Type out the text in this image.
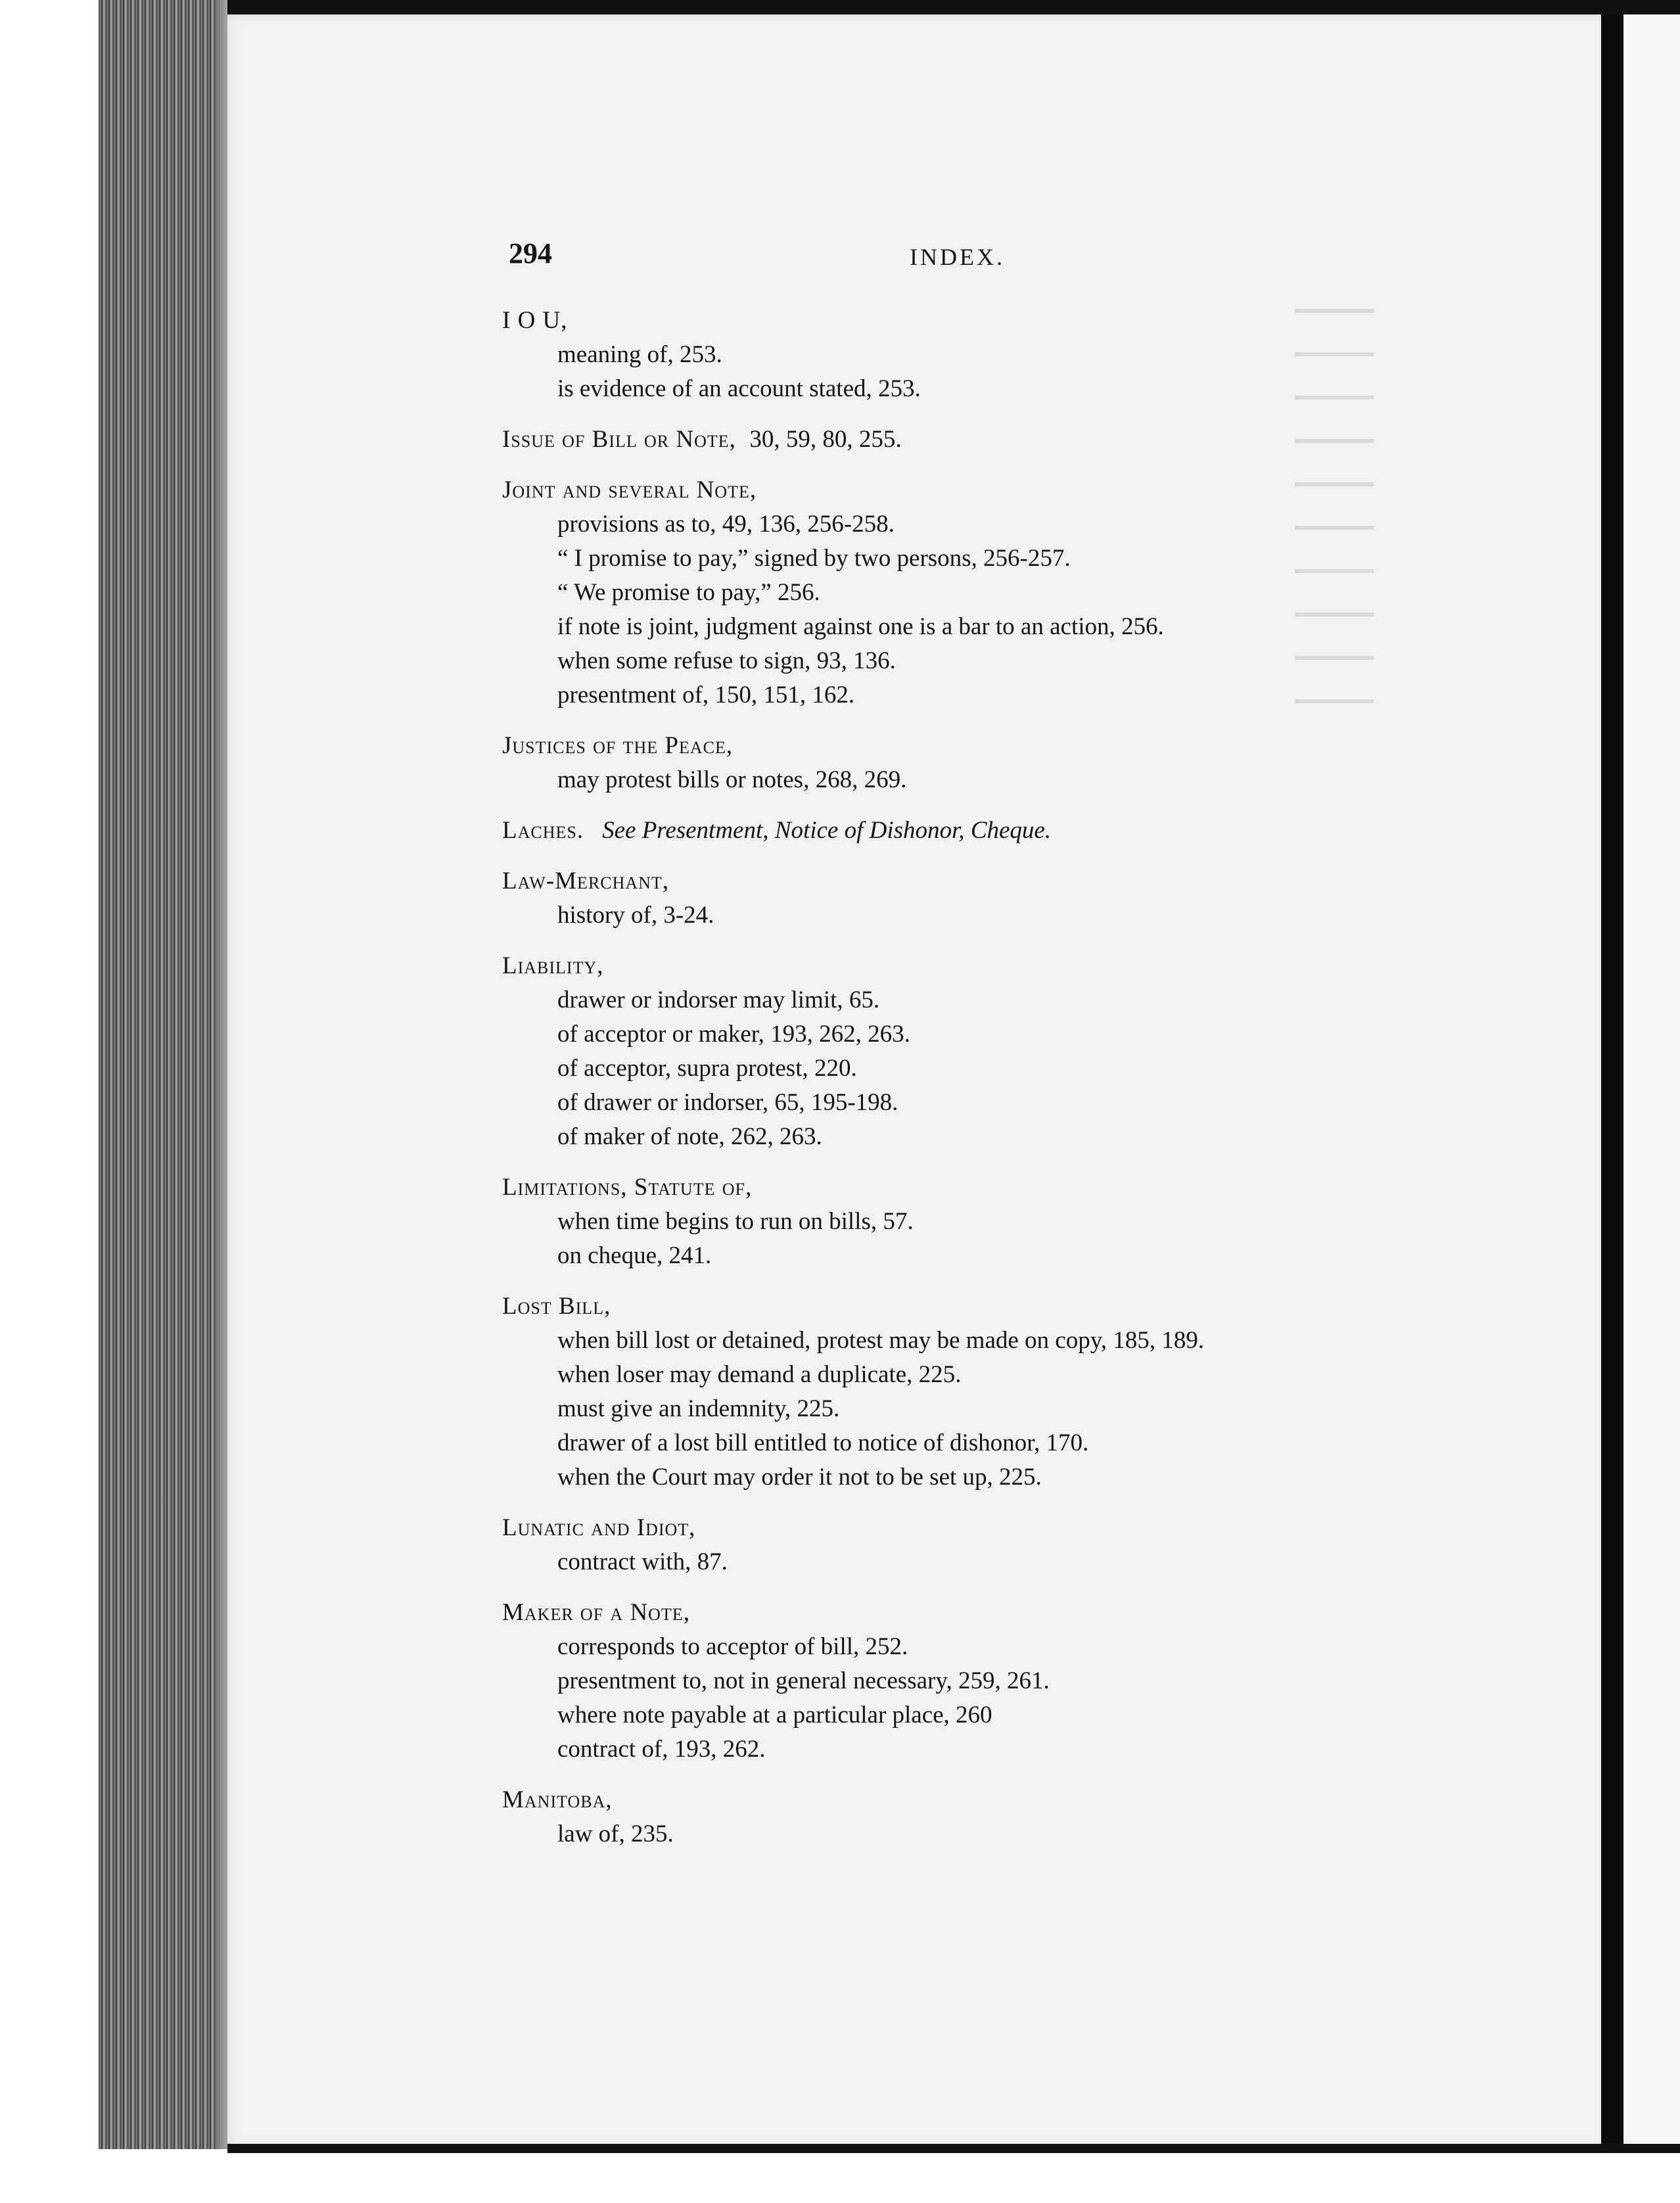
294	INDEX.
I O U,
meaning of, 253.
is evidence of an account stated, 253.
Issue of Bill or Note, 30, 59, 80, 255.
Joint and several Note,
provisions as to, 49, 136, 256-258.
“ I promise to pay,” signed by two persons, 256-257.
“ We promise to pay,” 256.
if note is joint, judgment against one is a bar to an action, 256.
when some refuse to sign, 93, 136.
presentment of, 150, 151, 162.
Justices of the Peace,
may protest bills or notes, 268, 269.
Laches. See Presentment, Notice of Dishonor, Cheque.
Law-Merchant,
history of, 3-24.
Liability,
drawer or indorser may limit, 65.
of acceptor or maker, 193, 262, 263.
of acceptor, supra protest, 220.
of drawer or indorser, 65, 195-198.
of maker of note, 262, 263.
Limitations, Statute of,
when time begins to run on bills, 57.
on cheque, 241.
Lost Bill,
when bill lost or detained, protest may be made on copy, 185, 189.
when loser may demand a duplicate, 225.
must give an indemnity, 225.
drawer of a lost bill entitled to notice of dishonor, 170.
when the Court may order it not to be set up, 225.
Lunatic and Idiot,
contract with, 87.
Maker of a Note,
corresponds to acceptor of bill, 252.
presentment to, not in general necessary, 259, 261.
where note payable at a particular place, 260
contract of, 193, 262.
Manitoba,
law of, 235.
